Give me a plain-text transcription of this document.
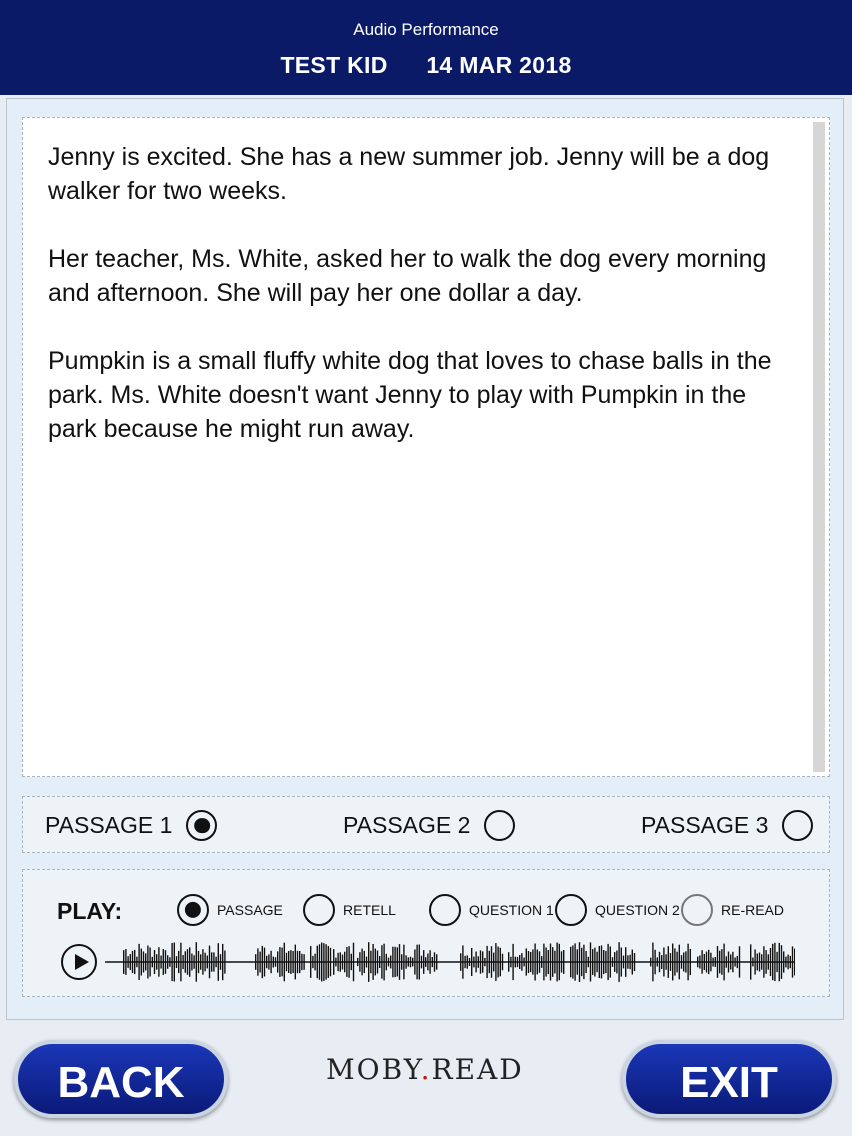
Audio Performance
TEST KID 14 MAR 2018

Jenny is excited. She has a new summer job. Jenny will be a dog walker for two weeks.

Her teacher, Ms. White, asked her to walk the dog every morning and afternoon. She will pay her one dollar a day.

Pumpkin is a small fluffy white dog that loves to chase balls in the park. Ms. White doesn't want Jenny to play with Pumpkin in the park because he might run away.

PASSAGE 1	PASSAGE 2	PASSAGE 3
PLAY:	PASSAGE	RETELL	QUESTION 1	QUESTION 2	RE-READ
BACK	MOBY.READ	EXIT
